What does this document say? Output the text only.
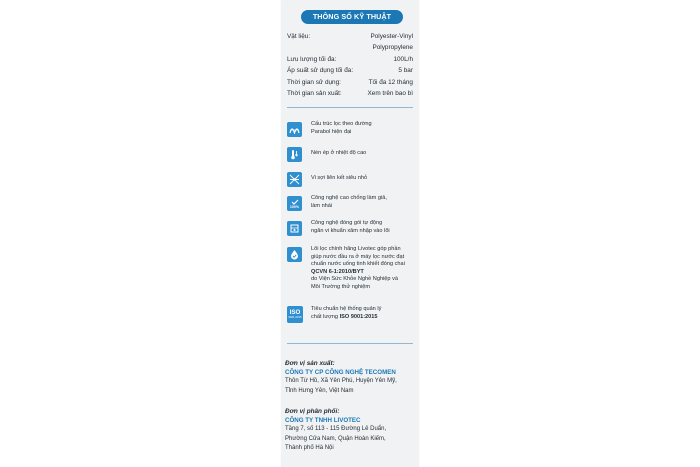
THÔNG SỐ KỸ THUẬT
Vật liệu:	Polyester-Vinyl
Polypropylene
Lưu lượng tối đa:	100L/h
Áp suất sử dụng tối đa:	5 bar
Thời gian sử dụng:	Tối đa 12 tháng
Thời gian sản xuất:	Xem trên bao bì
Cấu trúc lọc theo đường
Parabol hiện đại
Nén ép ở nhiệt độ cao
Vi sợi liên kết siêu nhỏ
100%
Công nghệ cao chống làm giả,
làm nhái
Công nghệ đóng gói tự động
ngăn vi khuẩn xâm nhập vào lõi
Lõi lọc chính hãng Livotec góp phần
giúp nước đầu ra ở máy lọc nước đạt
chuẩn nước uống tinh khiết đóng chai
QCVN 6-1:2010/BYT
do Viện Sức Khỏe Nghề Nghiệp và
Môi Trường thử nghiệm
ISO
9001:2015
Tiêu chuẩn hệ thống quản lý
chất lượng ISO 9001:2015
Đơn vị sản xuất:
CÔNG TY CP CÔNG NGHỆ TECOMEN
Thôn Từ Hồ, Xã Yên Phú, Huyện Yên Mỹ,
Tỉnh Hưng Yên, Việt Nam
Đơn vị phân phối:
CÔNG TY TNHH LIVOTEC
Tầng 7, số 113 - 115 Đường Lê Duẩn,
Phường Cửa Nam, Quận Hoàn Kiếm,
Thành phố Hà Nội
